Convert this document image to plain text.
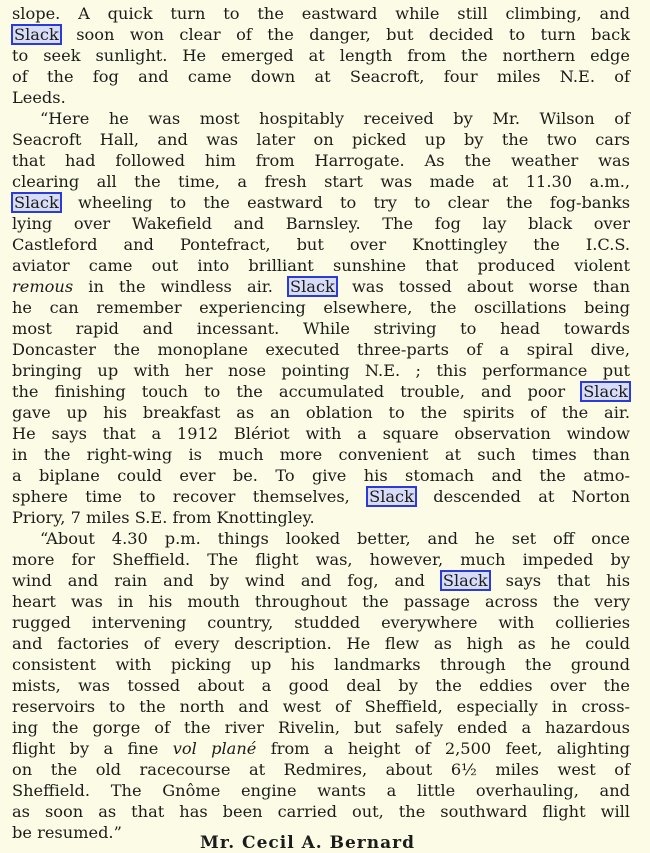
slope. A quick turn to the eastward while still climbing, and
Slack soon won clear of the danger, but decided to turn back
to seek sunlight. He emerged at length from the northern edge
of the fog and came down at Seacroft, four miles N.E. of
Leeds.
“Here he was most hospitably received by Mr. Wilson of
Seacroft Hall, and was later on picked up by the two cars
that had followed him from Harrogate. As the weather was
clearing all the time, a fresh start was made at 11.30 a.m.,
Slack wheeling to the eastward to try to clear the fog-banks
lying over Wakefield and Barnsley. The fog lay black over
Castleford and Pontefract, but over Knottingley the I.C.S.
aviator came out into brilliant sunshine that produced violent
remous in the windless air. Slack was tossed about worse than
he can remember experiencing elsewhere, the oscillations being
most rapid and incessant. While striving to head towards
Doncaster the monoplane executed three-parts of a spiral dive,
bringing up with her nose pointing N.E. ; this performance put
the finishing touch to the accumulated trouble, and poor Slack
gave up his breakfast as an oblation to the spirits of the air.
He says that a 1912 Blériot with a square observation window
in the right-wing is much more convenient at such times than
a biplane could ever be. To give his stomach and the atmo-
sphere time to recover themselves, Slack descended at Norton
Priory, 7 miles S.E. from Knottingley.
“About 4.30 p.m. things looked better, and he set off once
more for Sheffield. The flight was, however, much impeded by
wind and rain and by wind and fog, and Slack says that his
heart was in his mouth throughout the passage across the very
rugged intervening country, studded everywhere with collieries
and factories of every description. He flew as high as he could
consistent with picking up his landmarks through the ground
mists, was tossed about a good deal by the eddies over the
reservoirs to the north and west of Sheffield, especially in cross-
ing the gorge of the river Rivelin, but safely ended a hazardous
flight by a fine vol plané from a height of 2,500 feet, alighting
on the old racecourse at Redmires, about 6½ miles west of
Sheffield. The Gnôme engine wants a little overhauling, and
as soon as that has been carried out, the southward flight will
be resumed.”
Mr. Cecil A. Bernard
